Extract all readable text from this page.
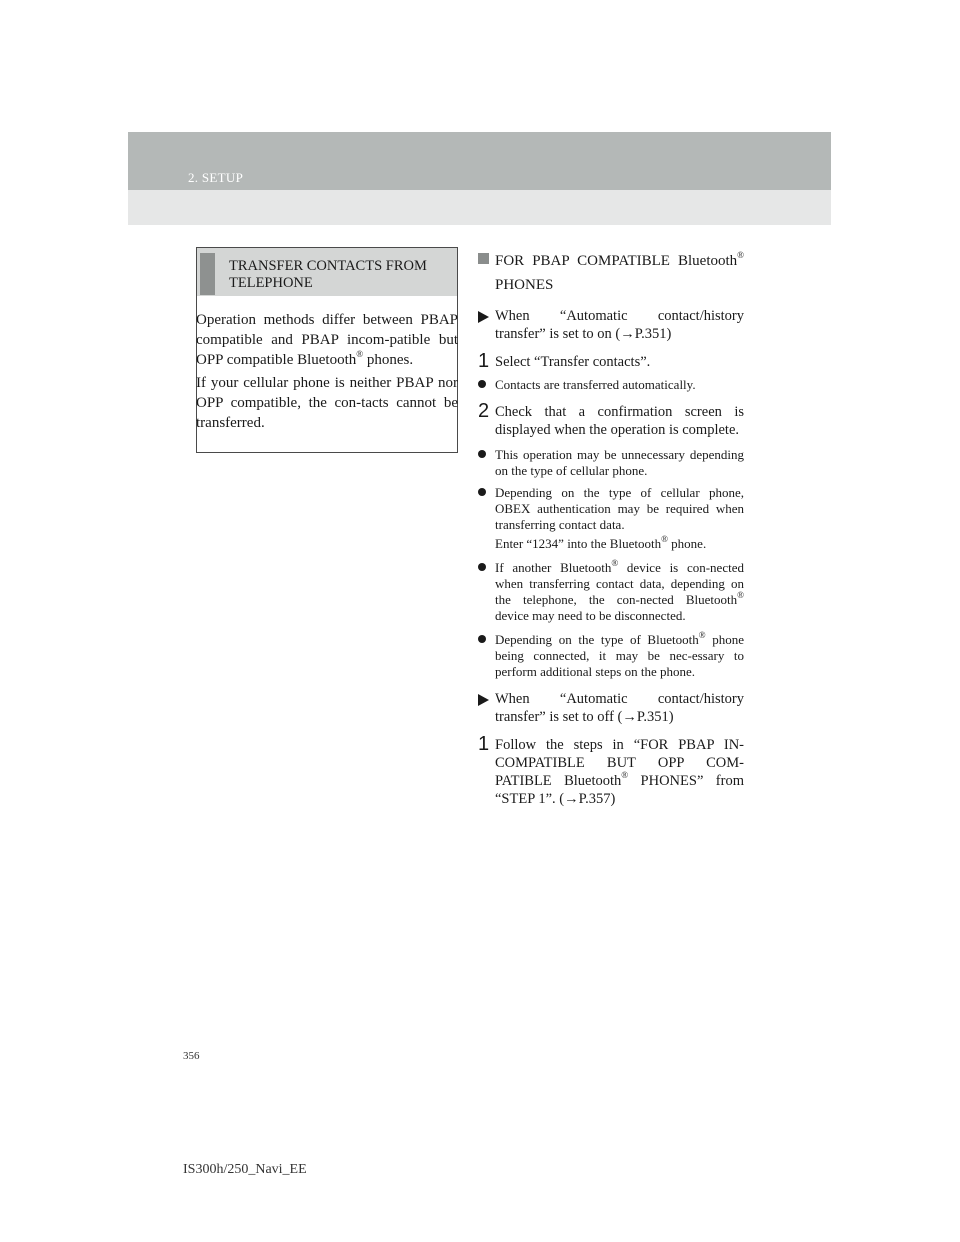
2. SETUP
TRANSFER CONTACTS FROM TELEPHONE

Operation methods differ between PBAP compatible and PBAP incom-patible but OPP compatible Bluetooth® phones.

If your cellular phone is neither PBAP nor OPP compatible, the con-tacts cannot be transferred.

FOR PBAP COMPATIBLE Bluetooth® PHONES
When “Automatic contact/history transfer” is set to on (→P.351)
1 Select “Transfer contacts”.
Contacts are transferred automatically.
2 Check that a confirmation screen is displayed when the operation is complete.
This operation may be unnecessary depending on the type of cellular phone.

Depending on the type of cellular phone, OBEX authentication may be required when transferring contact data.

Enter “1234” into the Bluetooth® phone.

If another Bluetooth® device is con-nected when transferring contact data, depending on the telephone, the con-nected Bluetooth® device may need to be disconnected.
Depending on the type of Bluetooth® phone being connected, it may be nec-essary to perform additional steps on the phone.
When “Automatic contact/history transfer” is set to off (→P.351)
1 Follow the steps in “FOR PBAP IN-COMPATIBLE BUT OPP COM-PATIBLE Bluetooth® PHONES” from “STEP 1”. (→P.357)
356
IS300h/250_Navi_EE
